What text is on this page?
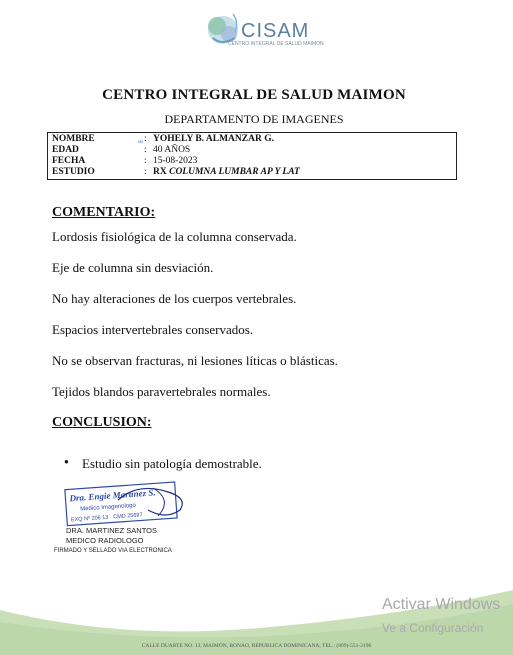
CISAM
CENTRO INTEGRAL DE SALUD MAIMON
CENTRO INTEGRAL DE SALUD MAIMON
DEPARTAMENTO DE IMAGENES
NOMBRE	sts : YOHELY B. ALMANZAR G.
EDAD	: 40 AÑOS
FECHA	: 15-08-2023
ESTUDIO	: RX COLUMNA LUMBAR AP Y LAT
COMENTARIO:
Lordosis fisiológica de la columna conservada.
Eje de columna sin desviación.
No hay alteraciones de los cuerpos vertebrales.
Espacios intervertebrales conservados.
No se observan fracturas, ni lesiones líticas o blásticas.
Tejidos blandos paravertebrales normales.
CONCLUSION:
● Estudio sin patología demostrable.
Dra. Engie Martinez S.
Medico Imagenologo
EXQ Nº 206 13 · CMD 25697
DRA. MARTINEZ SANTOS
MEDICO RADIOLOGO
FIRMADO Y SELLADO VIA ELECTRONICA
Activar Windows
Ve a Configuración
CALLE DUARTE NO. 13, MAIMÓN, BONAO, REPUBLICA DOMINICANA, TEL.: (809)-551-2196
